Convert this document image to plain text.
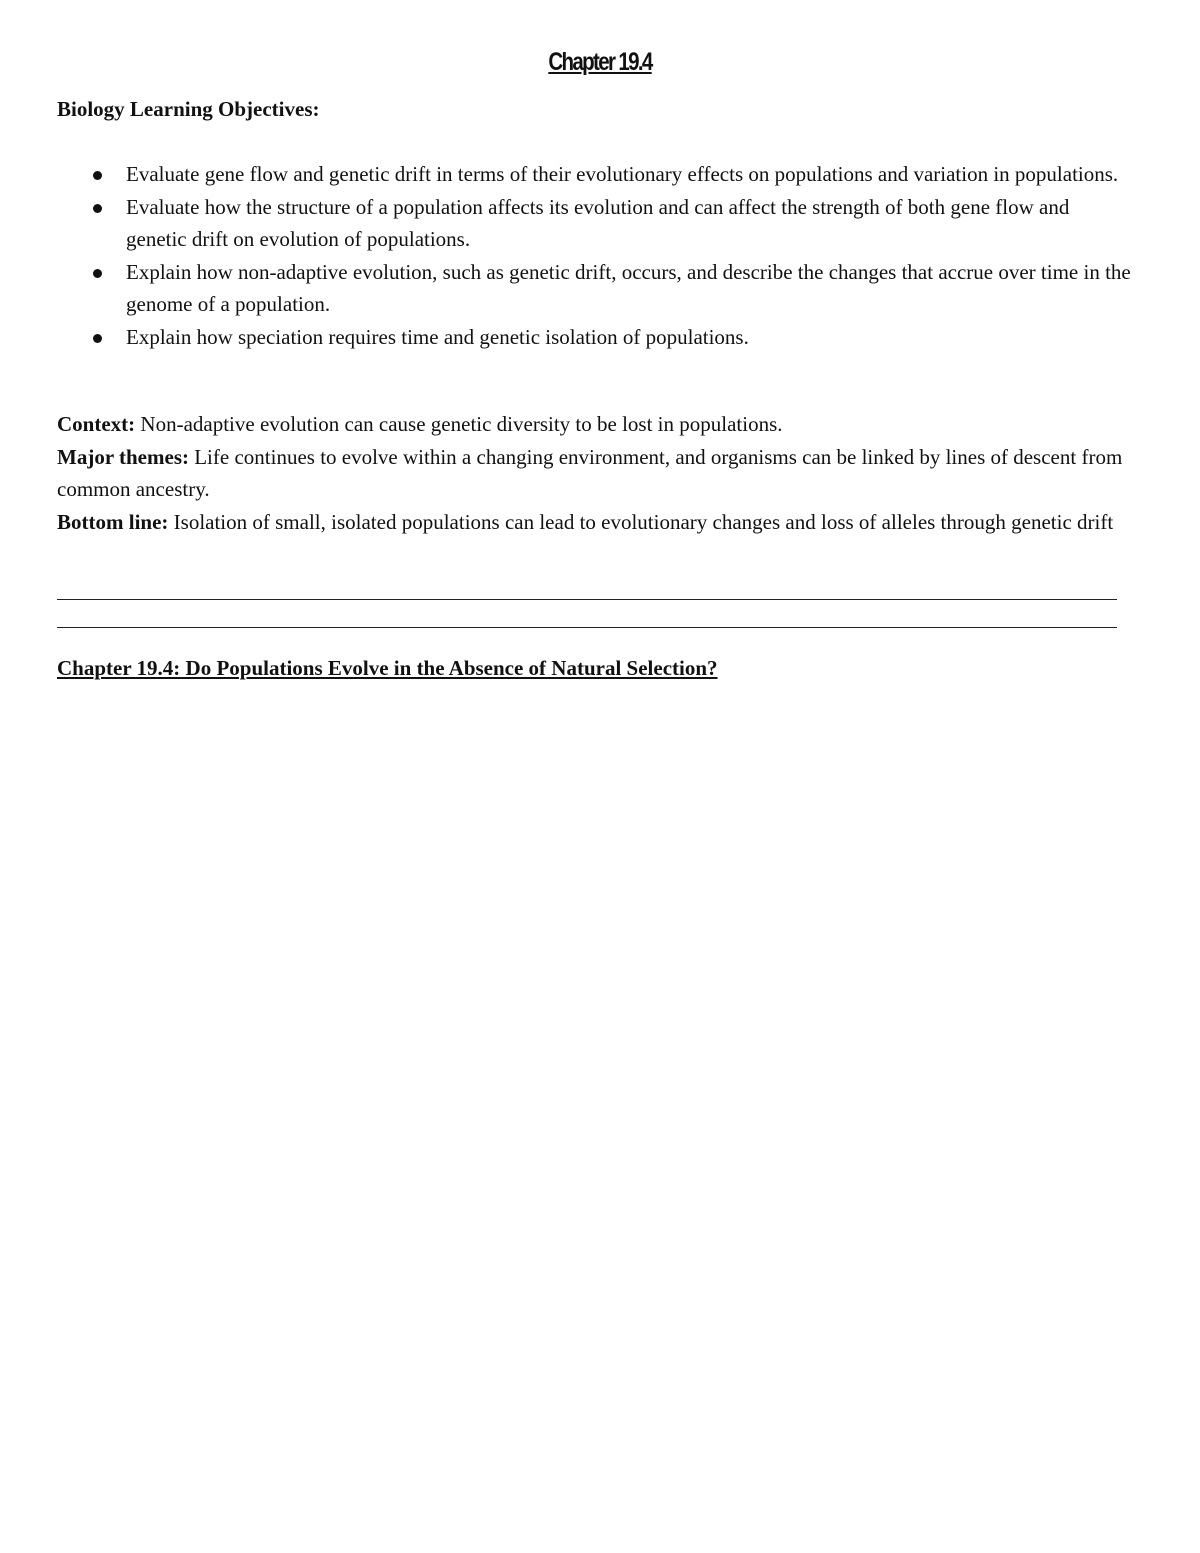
Chapter 19.4

Biology Learning Objectives:

Evaluate gene flow and genetic drift in terms of their evolutionary effects on populations and variation in populations.
Evaluate how the structure of a population affects its evolution and can affect the strength of both gene flow and genetic drift on evolution of populations.
Explain how non-adaptive evolution, such as genetic drift, occurs, and describe the changes that accrue over time in the genome of a population.
Explain how speciation requires time and genetic isolation of populations.

Context: Non-adaptive evolution can cause genetic diversity to be lost in populations.

Major themes: Life continues to evolve within a changing environment, and organisms can be linked by lines of descent from common ancestry.

Bottom line: Isolation of small, isolated populations can lead to evolutionary changes and loss of alleles through genetic drift

Chapter 19.4: Do Populations Evolve in the Absence of Natural Selection?
